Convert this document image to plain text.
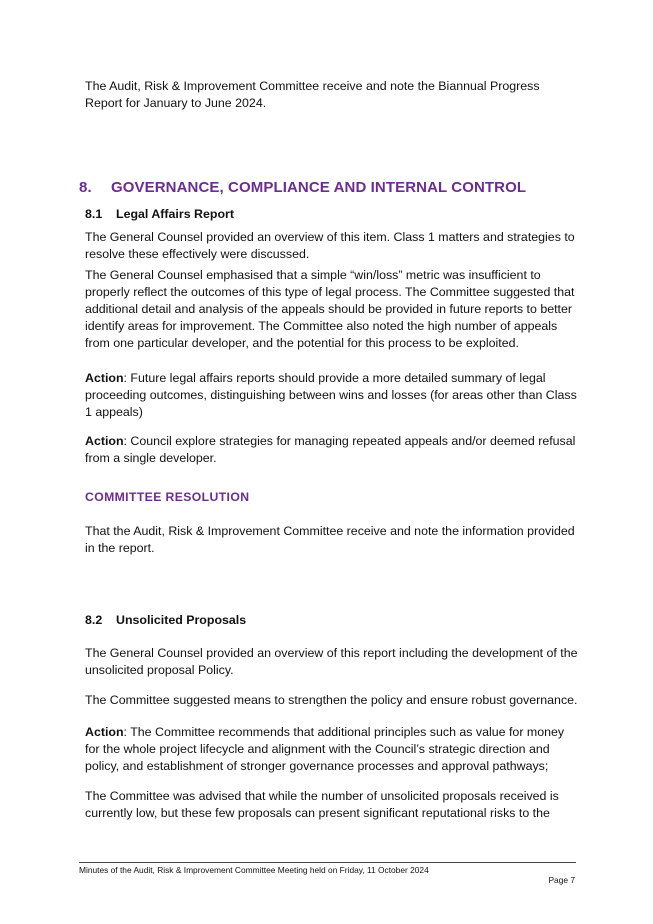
The Audit, Risk & Improvement Committee receive and note the Biannual Progress Report for January to June 2024.

8. GOVERNANCE, COMPLIANCE AND INTERNAL CONTROL
8.1 Legal Affairs Report

The General Counsel provided an overview of this item. Class 1 matters and strategies to resolve these effectively were discussed.

The General Counsel emphasised that a simple “win/loss” metric was insufficient to properly reflect the outcomes of this type of legal process. The Committee suggested that additional detail and analysis of the appeals should be provided in future reports to better identify areas for improvement. The Committee also noted the high number of appeals from one particular developer, and the potential for this process to be exploited.

Action: Future legal affairs reports should provide a more detailed summary of legal proceeding outcomes, distinguishing between wins and losses (for areas other than Class 1 appeals)

Action: Council explore strategies for managing repeated appeals and/or deemed refusal from a single developer.

COMMITTEE RESOLUTION

That the Audit, Risk & Improvement Committee receive and note the information provided in the report.

8.2 Unsolicited Proposals

The General Counsel provided an overview of this report including the development of the unsolicited proposal Policy.

The Committee suggested means to strengthen the policy and ensure robust governance.

Action: The Committee recommends that additional principles such as value for money for the whole project lifecycle and alignment with the Council’s strategic direction and policy, and establishment of stronger governance processes and approval pathways;

The Committee was advised that while the number of unsolicited proposals received is currently low, but these few proposals can present significant reputational risks to the

Minutes of the Audit, Risk & Improvement Committee Meeting held on Friday, 11 October 2024
Page 7
